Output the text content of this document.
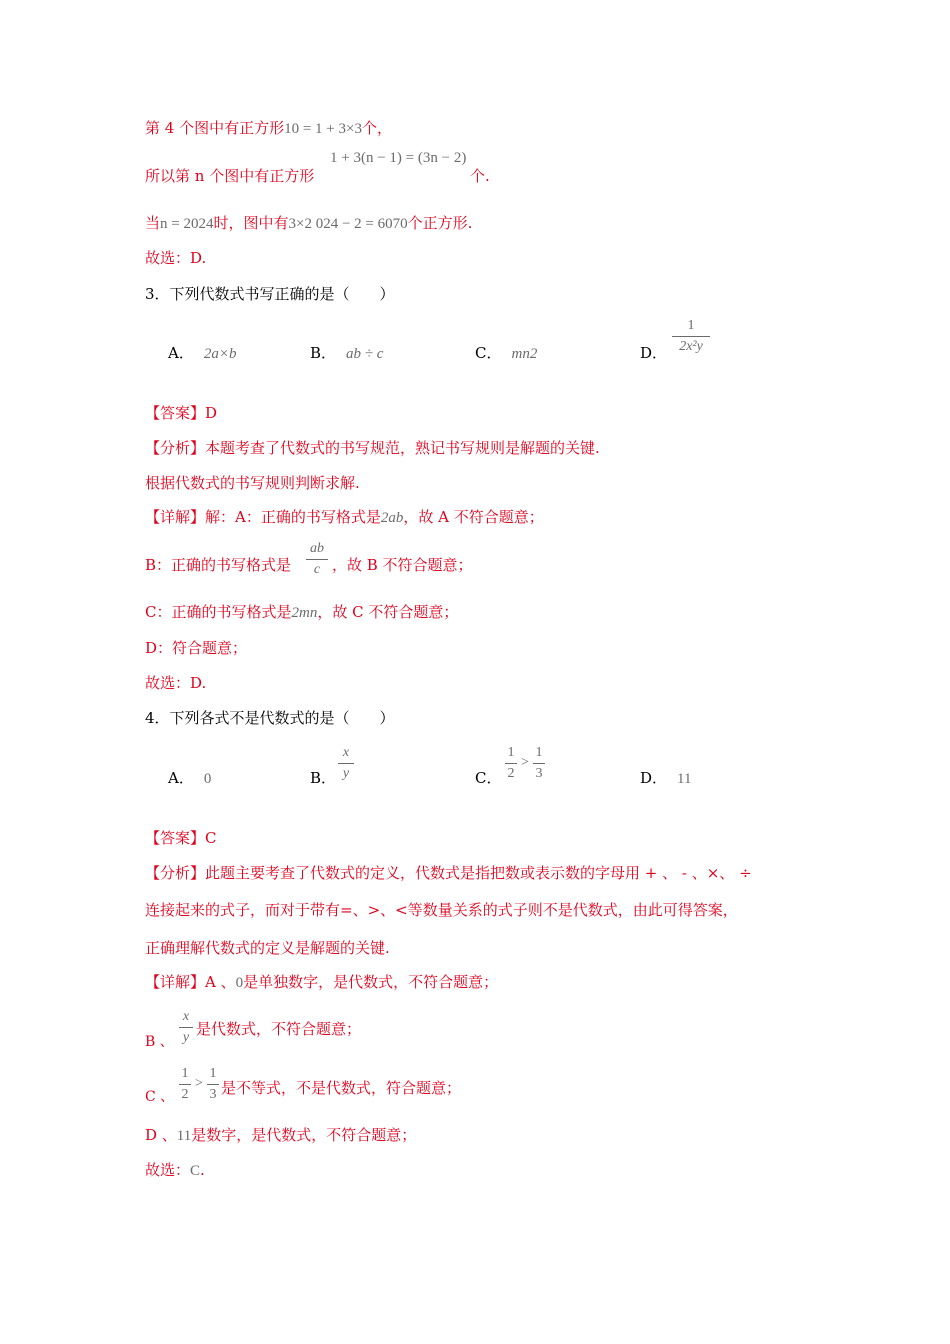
第 4 个图中有正方形10 = 1 + 3×3个，
所以第 n 个图中有正方形
1 + 3(n − 1) = (3n − 2)
个.
当n = 2024时，图中有3×2 024 − 2 = 6070个正方形.
故选：D.
3．下列代数式书写正确的是（　　）
A． 2a×b	B． ab ÷ c	C． mn2	D．
1
2x²y
【答案】D
【分析】本题考查了代数式的书写规范，熟记书写规则是解题的关键.
根据代数式的书写规则判断求解.
【详解】解：A：正确的书写格式是2ab，故 A 不符合题意；
B：正确的书写格式是
ab
c ，故 B 不符合题意；
C：正确的书写格式是2mn，故 C 不符合题意；
D：符合题意；
故选：D.
4．下列各式不是代数式的是（　　）
A． 0	B．
x
y	C．
1
2
>
1
3	D． 11
【答案】C
【分析】此题主要考查了代数式的定义，代数式是指把数或表示数的字母用 + 、 - 、×、 ÷
连接起来的式子，而对于带有=、>、<等数量关系的式子则不是代数式，由此可得答案，
正确理解代数式的定义是解题的关键.
【详解】A 、0是单独数字，是代数式，不符合题意；
B 、
x
y 是代数式，不符合题意；
C 、
1
2
>
1
3 是不等式，不是代数式，符合题意；
D 、11是数字，是代数式，不符合题意；
故选：C.
